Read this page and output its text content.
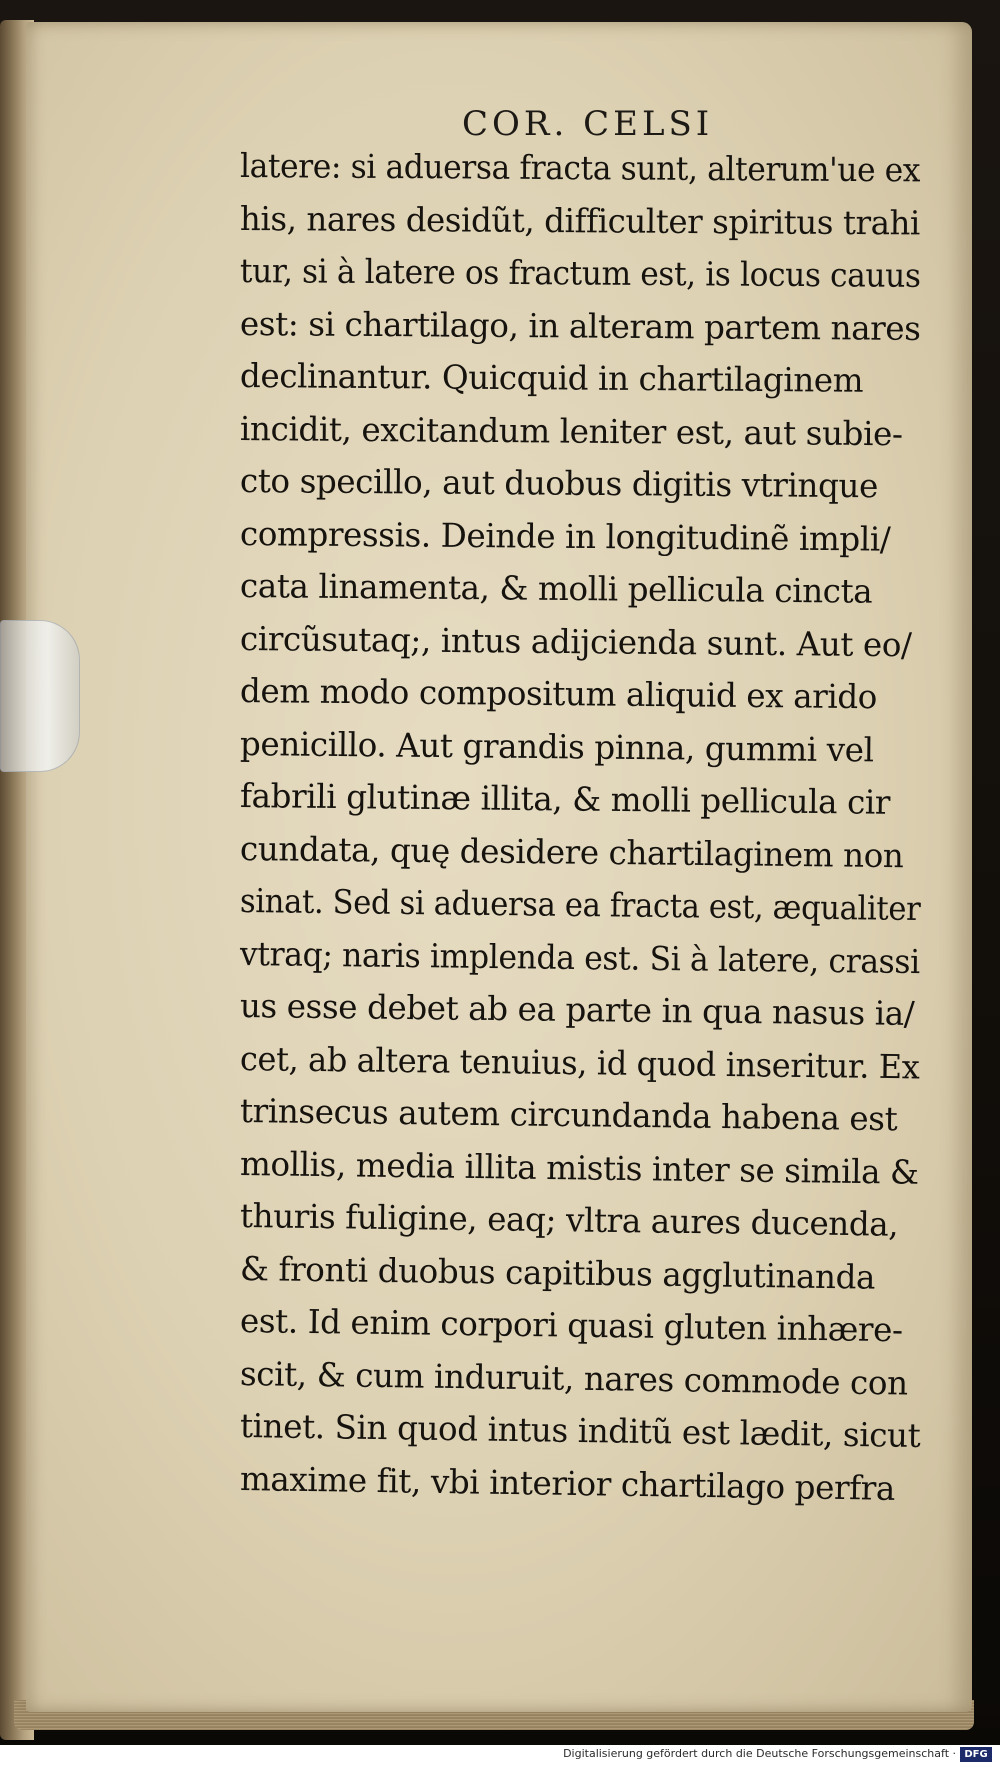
COR. CELSI
latere: si aduersa fracta sunt, alterum'ue ex
his, nares desidũt, difficulter spiritus trahi
tur, si à latere os fractum est, is locus cauus
est: si chartilago, in alteram partem nares
declinantur. Quicquid in chartilaginem
incidit, excitandum leniter est, aut subie-
cto specillo, aut duobus digitis vtrinque
compressis. Deinde in longitudinẽ impli/
cata linamenta, & molli pellicula cincta
circũsutaq;, intus adijcienda sunt. Aut eo/
dem modo compositum aliquid ex arido
penicillo. Aut grandis pinna, gummi vel
fabrili glutinæ illita, & molli pellicula cir
cundata, quę desidere chartilaginem non
sinat. Sed si aduersa ea fracta est, æqualiter
vtraq; naris implenda est. Si à latere, crassi
us esse debet ab ea parte in qua nasus ia/
cet, ab altera tenuius, id quod inseritur. Ex
trinsecus autem circundanda habena est
mollis, media illita mistis inter se simila &
thuris fuligine, eaq; vltra aures ducenda,
& fronti duobus capitibus agglutinanda
est. Id enim corpori quasi gluten inhære-
scit, & cum induruit, nares commode con
tinet. Sin quod intus inditũ est lædit, sicut
maxime fit, vbi interior chartilago perfra
Digitalisierung gefördert durch die Deutsche Forschungsgemeinschaft · DFG
